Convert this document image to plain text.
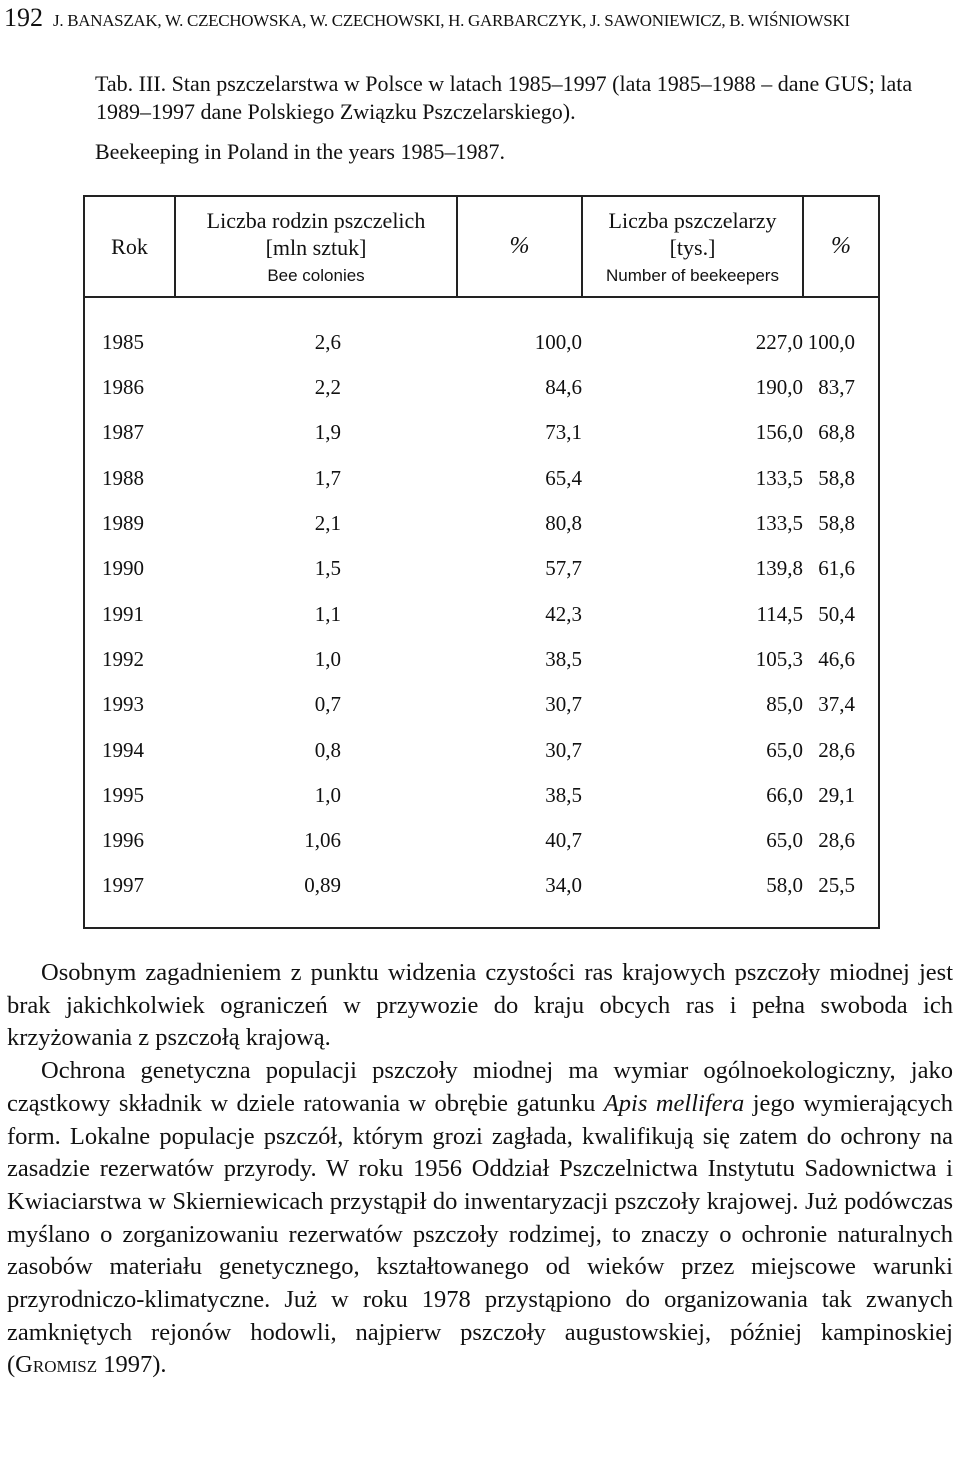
192 J. BANASZAK, W. CZECHOWSKA, W. CZECHOWSKI, H. GARBARCZYK, J. SAWONIEWICZ, B. WIŚNIOWSKI
Tab. III. Stan pszczelarstwa w Polsce w latach 1985–1997 (lata 1985–1988 – dane GUS; lata 1989–1997 dane Polskiego Związku Pszczelarskiego).
Beekeeping in Poland in the years 1985–1987.
Rok	Liczba rodzin pszczelich
[mln sztuk]
Bee colonies	%	Liczba pszczelarzy
[tys.]
Number of beekeepers	%
1985	2,6	100,0	227,0	100,0
1986	2,2	84,6	190,0	83,7
1987	1,9	73,1	156,0	68,8
1988	1,7	65,4	133,5	58,8
1989	2,1	80,8	133,5	58,8
1990	1,5	57,7	139,8	61,6
1991	1,1	42,3	114,5	50,4
1992	1,0	38,5	105,3	46,6
1993	0,7	30,7	85,0	37,4
1994	0,8	30,7	65,0	28,6
1995	1,0	38,5	66,0	29,1
1996	1,06	40,7	65,0	28,6
1997	0,89	34,0	58,0	25,5

Osobnym zagadnieniem z punktu widzenia czystości ras krajowych pszczoły miodnej jest brak jakichkolwiek ograniczeń w przywozie do kraju obcych ras i pełna swoboda ich krzyżowania z pszczołą krajową.

Ochrona genetyczna populacji pszczoły miodnej ma wymiar ogólnoekologiczny, jako cząstkowy składnik w dziele ratowania w obrębie gatunku Apis mellifera jego wymierających form. Lokalne populacje pszczół, którym grozi zagłada, kwalifikują się zatem do ochrony na zasadzie rezerwatów przyrody. W roku 1956 Oddział Pszczelnictwa Instytutu Sadownictwa i Kwiaciarstwa w Skierniewicach przystąpił do inwentaryzacji pszczoły krajowej. Już podówczas myślano o zorganizowaniu rezerwatów pszczoły rodzimej, to znaczy o ochronie naturalnych zasobów materiału genetycznego, kształtowanego od wieków przez miejscowe warunki przyrodniczo-klimatyczne. Już w roku 1978 przystąpiono do organizowania tak zwanych zamkniętych rejonów hodowli, najpierw pszczoły augustowskiej, później kampinoskiej (Gromisz 1997).
